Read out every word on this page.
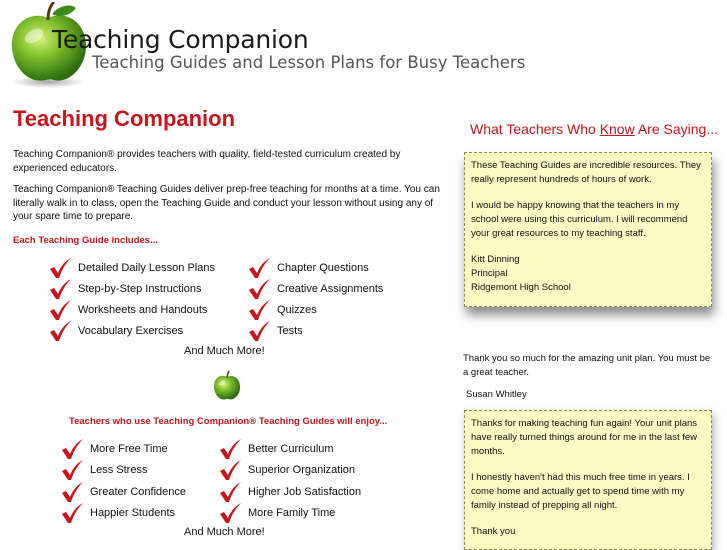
Teaching Companion
Teaching Guides and Lesson Plans for Busy Teachers
Teaching Companion
Teaching Companion® provides teachers with quality, field-tested curriculum created by experienced educators.
Teaching Companion® Teaching Guides deliver prep-free teaching for months at a time. You can literally walk in to class, open the Teaching Guide and conduct your lesson without using any of your spare time to prepare.
Each Teaching Guide includes...
Detailed Daily Lesson Plans
Step-by-Step Instructions
Worksheets and Handouts
Vocabulary Exercises
Chapter Questions
Creative Assignments
Quizzes
Tests
And Much More!
Teachers who use Teaching Companion® Teaching Guides will enjoy...
More Free Time
Less Stress
Greater Confidence
Happier Students
Better Curriculum
Superior Organization
Higher Job Satisfaction
More Family Time
And Much More!
What Teachers Who Know Are Saying...

These Teaching Guides are incredible resources. They really represent hundreds of hours of work.

I would be happy knowing that the teachers in my school were using this curriculum. I will recommend your great resources to my teaching staff.

Kitt Dinning
Principal
Ridgemont High School
Thank you so much for the amazing unit plan. You must be a great teacher.
Susan Whitley

Thanks for making teaching fun again! Your unit plans have really turned things around for me in the last few months.

I honestly haven't had this much free time in years. I come home and actually get to spend time with my family instead of prepping all night.

Thank you
